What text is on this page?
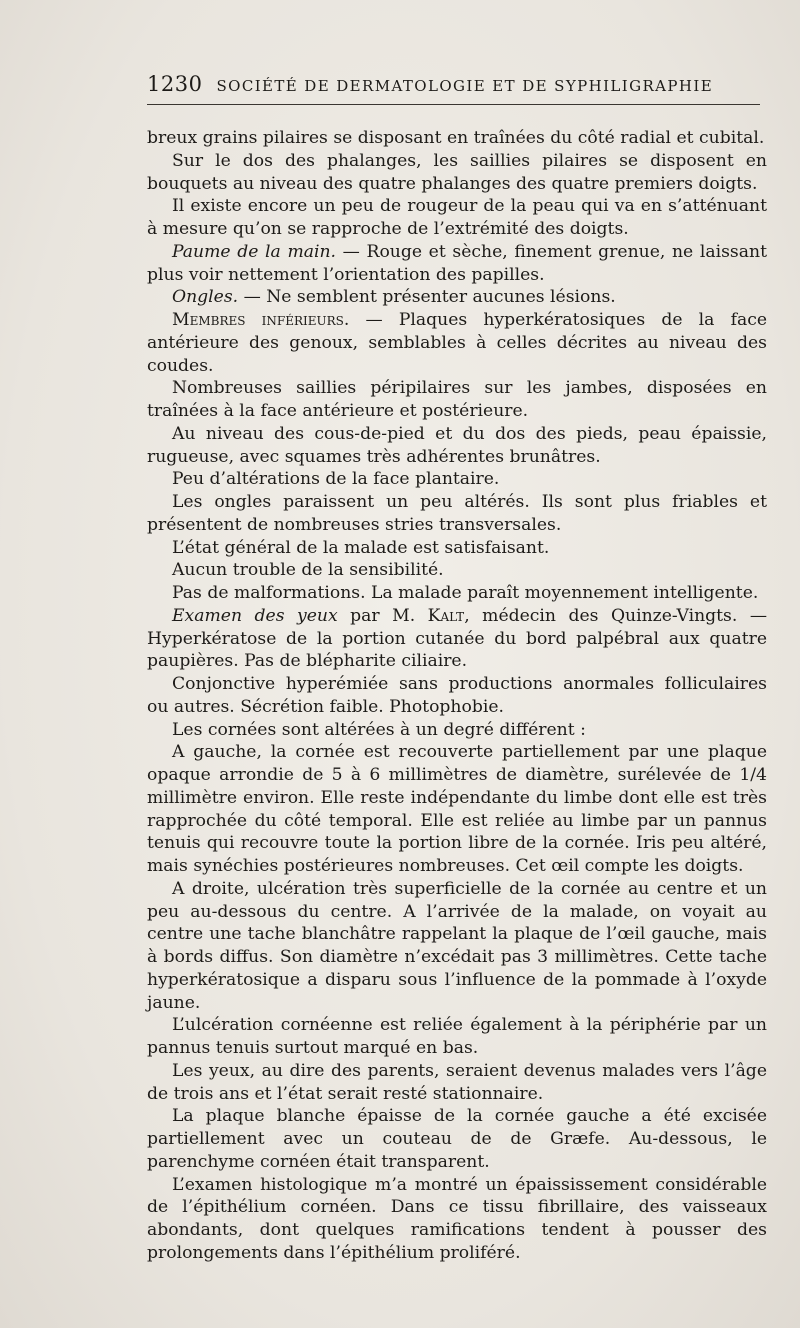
1230 SOCIÉTÉ DE DERMATOLOGIE ET DE SYPHILIGRAPHIE

breux grains pilaires se disposant en traînées du côté radial et cubital.

Sur le dos des phalanges, les saillies pilaires se disposent en bouquets au niveau des quatre phalanges des quatre premiers doigts.

Il existe encore un peu de rougeur de la peau qui va en s’atténuant à mesure qu’on se rapproche de l’extrémité des doigts.

Paume de la main. — Rouge et sèche, finement grenue, ne laissant plus voir nettement l’orientation des papilles.

Ongles. — Ne semblent présenter aucunes lésions.

Membres inférieurs. — Plaques hyperkératosiques de la face antérieure des genoux, semblables à celles décrites au niveau des coudes.

Nombreuses saillies péripilaires sur les jambes, disposées en traînées à la face antérieure et postérieure.

Au niveau des cous-de-pied et du dos des pieds, peau épaissie, rugueuse, avec squames très adhérentes brunâtres.

Peu d’altérations de la face plantaire.

Les ongles paraissent un peu altérés. Ils sont plus friables et présentent de nombreuses stries transversales.

L’état général de la malade est satisfaisant.

Aucun trouble de la sensibilité.

Pas de malformations. La malade paraît moyennement intelligente.

Examen des yeux par M. Kalt, médecin des Quinze-Vingts. — Hyperkératose de la portion cutanée du bord palpébral aux quatre paupières. Pas de blépharite ciliaire.

Conjonctive hyperémiée sans productions anormales folliculaires ou autres. Sécrétion faible. Photophobie.

Les cornées sont altérées à un degré différent :

A gauche, la cornée est recouverte partiellement par une plaque opaque arrondie de 5 à 6 millimètres de diamètre, surélevée de 1/4 millimètre environ. Elle reste indépendante du limbe dont elle est très rapprochée du côté temporal. Elle est reliée au limbe par un pannus tenuis qui recouvre toute la portion libre de la cornée. Iris peu altéré, mais synéchies postérieures nombreuses. Cet œil compte les doigts.

A droite, ulcération très superficielle de la cornée au centre et un peu au-dessous du centre. A l’arrivée de la malade, on voyait au centre une tache blanchâtre rappelant la plaque de l’œil gauche, mais à bords diffus. Son diamètre n’excédait pas 3 millimètres. Cette tache hyperkératosique a disparu sous l’influence de la pommade à l’oxyde jaune.

L’ulcération cornéenne est reliée également à la périphérie par un pannus tenuis surtout marqué en bas.

Les yeux, au dire des parents, seraient devenus malades vers l’âge de trois ans et l’état serait resté stationnaire.

La plaque blanche épaisse de la cornée gauche a été excisée partiellement avec un couteau de de Græfe. Au-dessous, le parenchyme cornéen était transparent.

L’examen histologique m’a montré un épaississement considérable de l’épithélium cornéen. Dans ce tissu fibrillaire, des vaisseaux abondants, dont quelques ramifications tendent à pousser des prolongements dans l’épithélium proliféré.
